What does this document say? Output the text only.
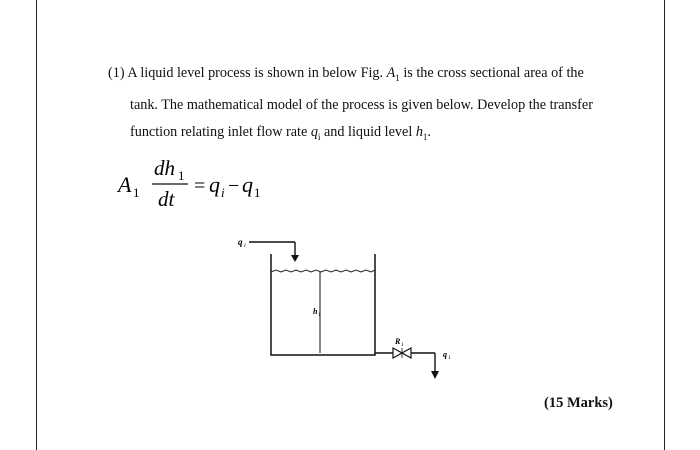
(1) A liquid level process is shown in below Fig. $A_1$ is the cross sectional area of the
tank. The mathematical model of the process is given below. Develop the transfer
function relating inlet flow rate $q_i$ and liquid level $h_1$.
A 1
dh 1
dt
= q i − q 1
q i
h 1
R 1
q 1
(15 Marks)
